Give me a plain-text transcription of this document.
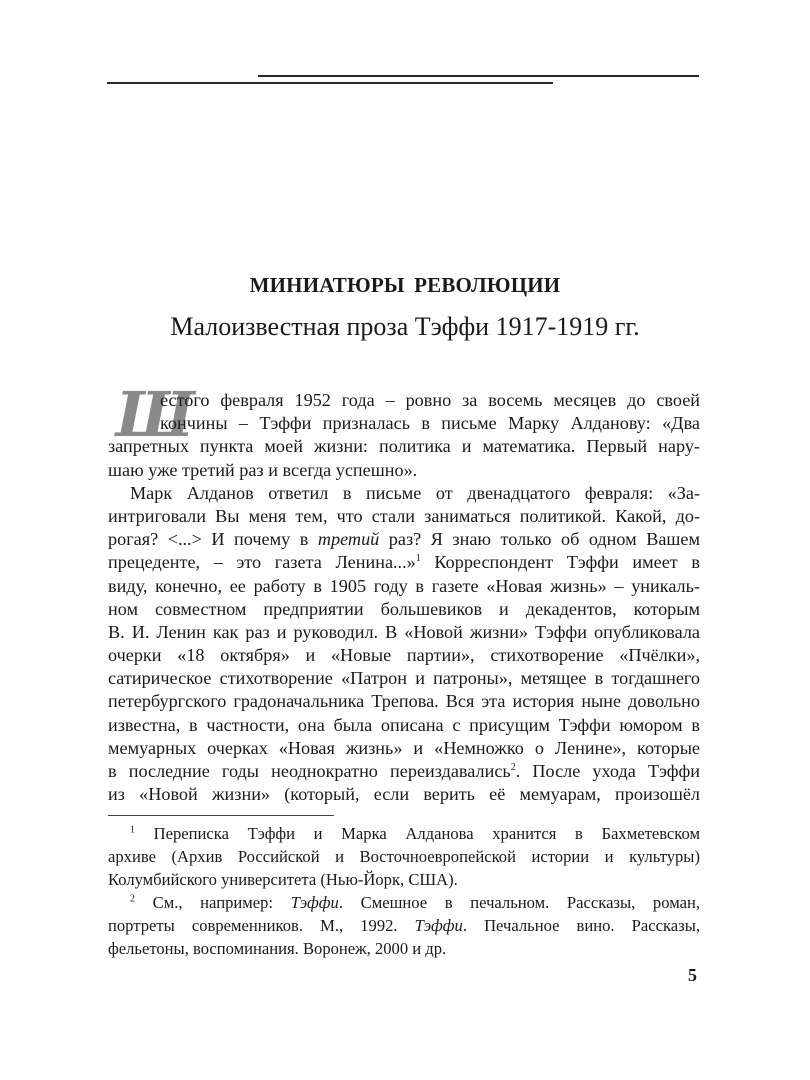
МИНИАТЮРЫ РЕВОЛЮЦИИ
Малоизвестная проза Тэффи 1917-1919 гг.
Ш
естого февраля 1952 года – ровно за восемь месяцев до своей
кончины – Тэффи призналась в письме Марку Алданову: «Два
запретных пункта моей жизни: политика и математика. Первый нару-
шаю уже третий раз и всегда успешно».
Марк Алданов ответил в письме от двенадцатого февраля: «За-
интриговали Вы меня тем, что стали заниматься политикой. Какой, до-
рогая? <...> И почему в третий раз? Я знаю только об одном Вашем
прецеденте, – это газета Ленина...»$^1$ Корреспондент Тэффи имеет в
виду, конечно, ее работу в 1905 году в газете «Новая жизнь» – уникаль-
ном совместном предприятии большевиков и декадентов, которым
В. И. Ленин как раз и руководил. В «Новой жизни» Тэффи опубликовала
очерки «18 октября» и «Новые партии», стихотворение «Пчёлки»,
сатирическое стихотворение «Патрон и патроны», метящее в тогдашнего
петербургского градоначальника Трепова. Вся эта история ныне довольно
известна, в частности, она была описана с присущим Тэффи юмором в
мемуарных очерках «Новая жизнь» и «Немножко о Ленине», которые
в последние годы неоднократно переиздавались$^2$. После ухода Тэффи
из «Новой жизни» (который, если верить её мемуарам, произошёл
$^1$ Переписка Тэффи и Марка Алданова хранится в Бахметевском
архиве (Архив Российской и Восточноевропейской истории и культуры)
Колумбийского университета (Нью-Йорк, США).
$^2$ См., например: Тэффи. Смешное в печальном. Рассказы, роман,
портреты современников. М., 1992. Тэффи. Печальное вино. Рассказы,
фельетоны, воспоминания. Воронеж, 2000 и др.
5
